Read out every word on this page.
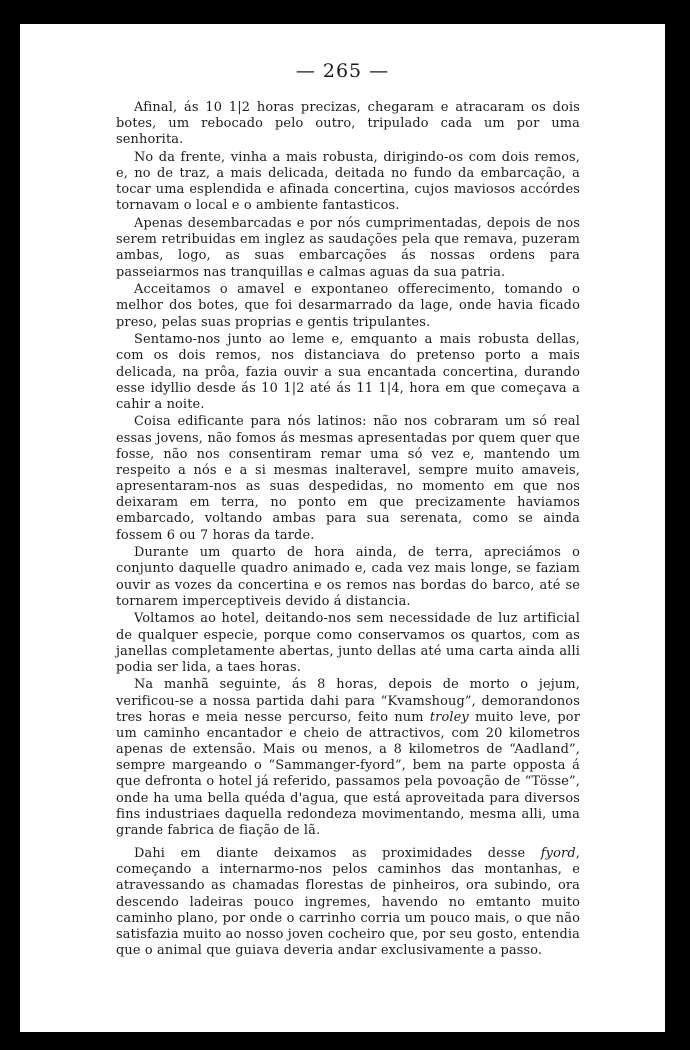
— 265 —

Afinal, ás 10 1|2 horas precizas, chegaram e atracaram os dois botes, um rebocado pelo outro, tripulado cada um por uma senhorita.

No da frente, vinha a mais robusta, dirigindo-os com dois remos, e, no de traz, a mais delicada, deitada no fundo da embarcação, a tocar uma esplendida e afinada concertina, cujos maviosos accórdes tornavam o local e o ambiente fantasticos.

Apenas desembarcadas e por nós cumprimentadas, depois de nos serem retribuidas em inglez as saudações pela que remava, puzeram ambas, logo, as suas embarcações ás nossas ordens para passeiarmos nas tranquillas e calmas aguas da sua patria.

Acceitamos o amavel e expontaneo offerecimento, tomando o melhor dos botes, que foi desarmarrado da lage, onde havia ficado preso, pelas suas proprias e gentis tripulantes.

Sentamo-nos junto ao leme e, emquanto a mais robusta dellas, com os dois remos, nos distanciava do pretenso porto a mais delicada, na prôa, fazia ouvir a sua encantada concertina, durando esse idyllio desde ás 10 1|2 até ás 11 1|4, hora em que começava a cahir a noite.

Coisa edificante para nós latinos: não nos cobraram um só real essas jovens, não fomos ás mesmas apresentadas por quem quer que fosse, não nos consentiram remar uma só vez e, mantendo um respeito a nós e a si mesmas inalteravel, sempre muito amaveis, apresentaram-nos as suas despedidas, no momento em que nos deixaram em terra, no ponto em que precizamente haviamos embarcado, voltando ambas para sua serenata, como se ainda fossem 6 ou 7 horas da tarde.

Durante um quarto de hora ainda, de terra, apreciámos o conjunto daquelle quadro animado e, cada vez mais longe, se faziam ouvir as vozes da concertina e os remos nas bordas do barco, até se tornarem imperceptiveis devido á distancia.

Voltamos ao hotel, deitando-nos sem necessidade de luz artificial de qualquer especie, porque como conservamos os quartos, com as janellas completamente abertas, junto dellas até uma carta ainda alli podia ser lida, a taes horas.

Na manhã seguinte, ás 8 horas, depois de morto o jejum, verificou-se a nossa partida dahi para “Kvamshoug”, demorandonos tres horas e meia nesse percurso, feito num troley muito leve, por um caminho encantador e cheio de attractivos, com 20 kilometros apenas de extensão. Mais ou menos, a 8 kilometros de “Aadland”, sempre margeando o “Sammanger-fyord”, bem na parte opposta á que defronta o hotel já referido, passamos pela povoação de “Tösse”, onde ha uma bella quéda d'agua, que está aproveitada para diversos fins industriaes daquella redondeza movimentando, mesma alli, uma grande fabrica de fiação de lã.

Dahi em diante deixamos as proximidades desse fyord, começando a internarmo-nos pelos caminhos das montanhas, e atravessando as chamadas florestas de pinheiros, ora subindo, ora descendo ladeiras pouco ingremes, havendo no emtanto muito caminho plano, por onde o carrinho corria um pouco mais, o que não satisfazia muito ao nosso joven cocheiro que, por seu gosto, entendia que o animal que guiava deveria andar exclusivamente a passo.
